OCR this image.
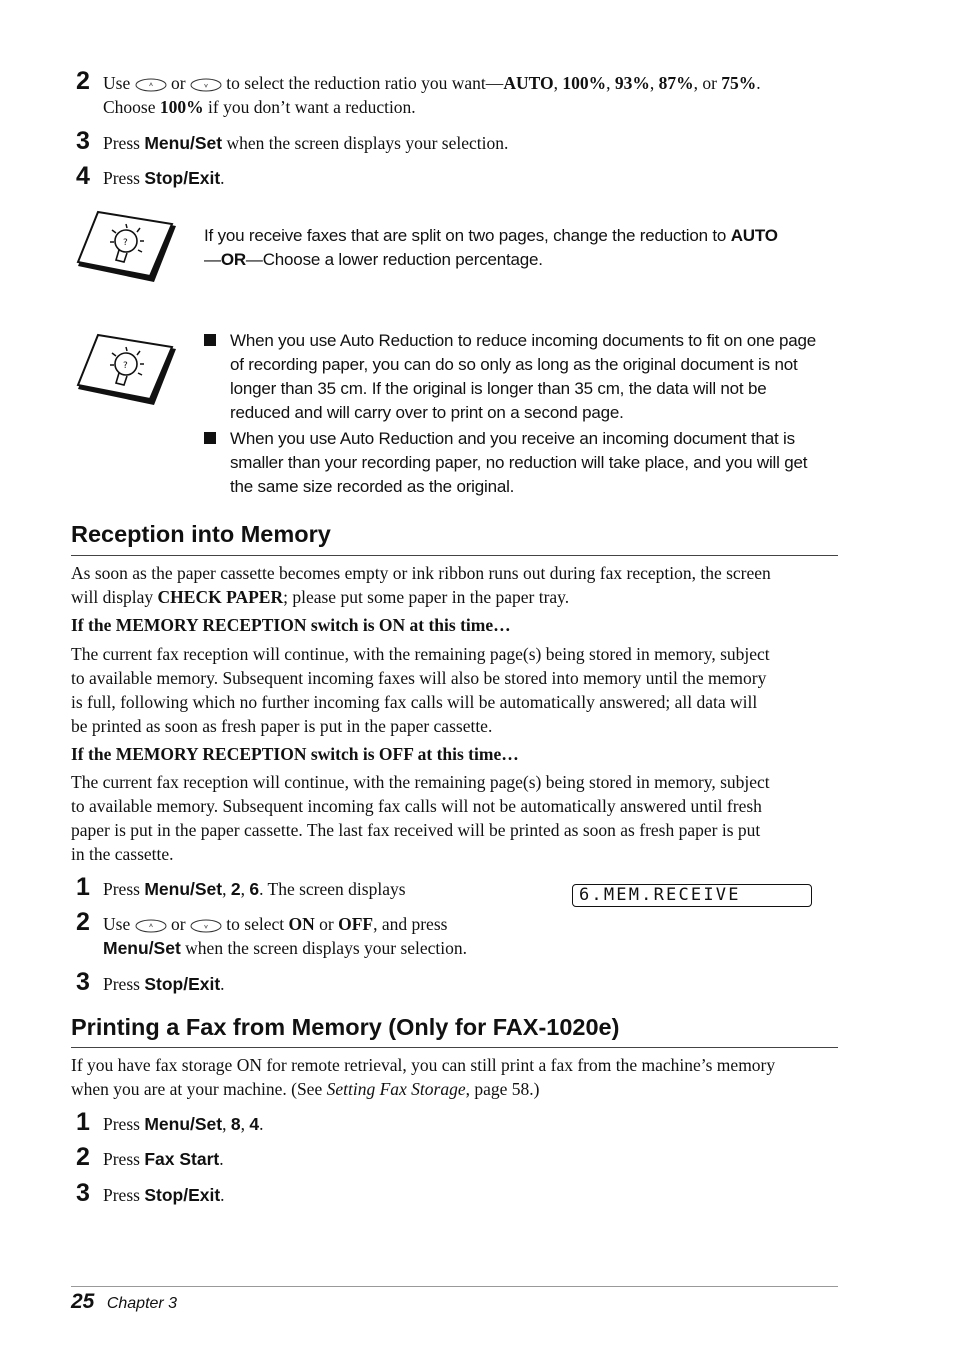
2 Use or to select the reduction ratio you want—AUTO, 100%, 93%, 87%, or 75%.
Choose 100% if you don’t want a reduction.
3 Press Menu/Set when the screen displays your selection.
4 Press Stop/Exit.
?	If you receive faxes that are split on two pages, change the reduction to AUTO
—OR—Choose a lower reduction percentage.
?
When you use Auto Reduction to reduce incoming documents to fit on one page
of recording paper, you can do so only as long as the original document is not
longer than 35 cm. If the original is longer than 35 cm, the data will not be
reduced and will carry over to print on a second page.
When you use Auto Reduction and you receive an incoming document that is
smaller than your recording paper, no reduction will take place, and you will get
the same size recorded as the original.
Reception into Memory
As soon as the paper cassette becomes empty or ink ribbon runs out during fax reception, the screen
will display CHECK PAPER; please put some paper in the paper tray.
If the MEMORY RECEPTION switch is ON at this time…
The current fax reception will continue, with the remaining page(s) being stored in memory, subject
to available memory. Subsequent incoming faxes will also be stored into memory until the memory
is full, following which no further incoming fax calls will be automatically answered; all data will
be printed as soon as fresh paper is put in the paper cassette.
If the MEMORY RECEPTION switch is OFF at this time…
The current fax reception will continue, with the remaining page(s) being stored in memory, subject
to available memory. Subsequent incoming fax calls will not be automatically answered until fresh
paper is put in the paper cassette. The last fax received will be printed as soon as fresh paper is put
in the cassette.
1 Press Menu/Set, 2, 6. The screen displays	6.MEM.RECEIVE
2 Use or to select ON or OFF, and press
Menu/Set when the screen displays your selection.
3 Press Stop/Exit.
Printing a Fax from Memory (Only for FAX-1020e)
If you have fax storage ON for remote retrieval, you can still print a fax from the machine’s memory
when you are at your machine. (See Setting Fax Storage, page 58.)
1 Press Menu/Set, 8, 4.
2 Press Fax Start.
3 Press Stop/Exit.
25 Chapter 3
